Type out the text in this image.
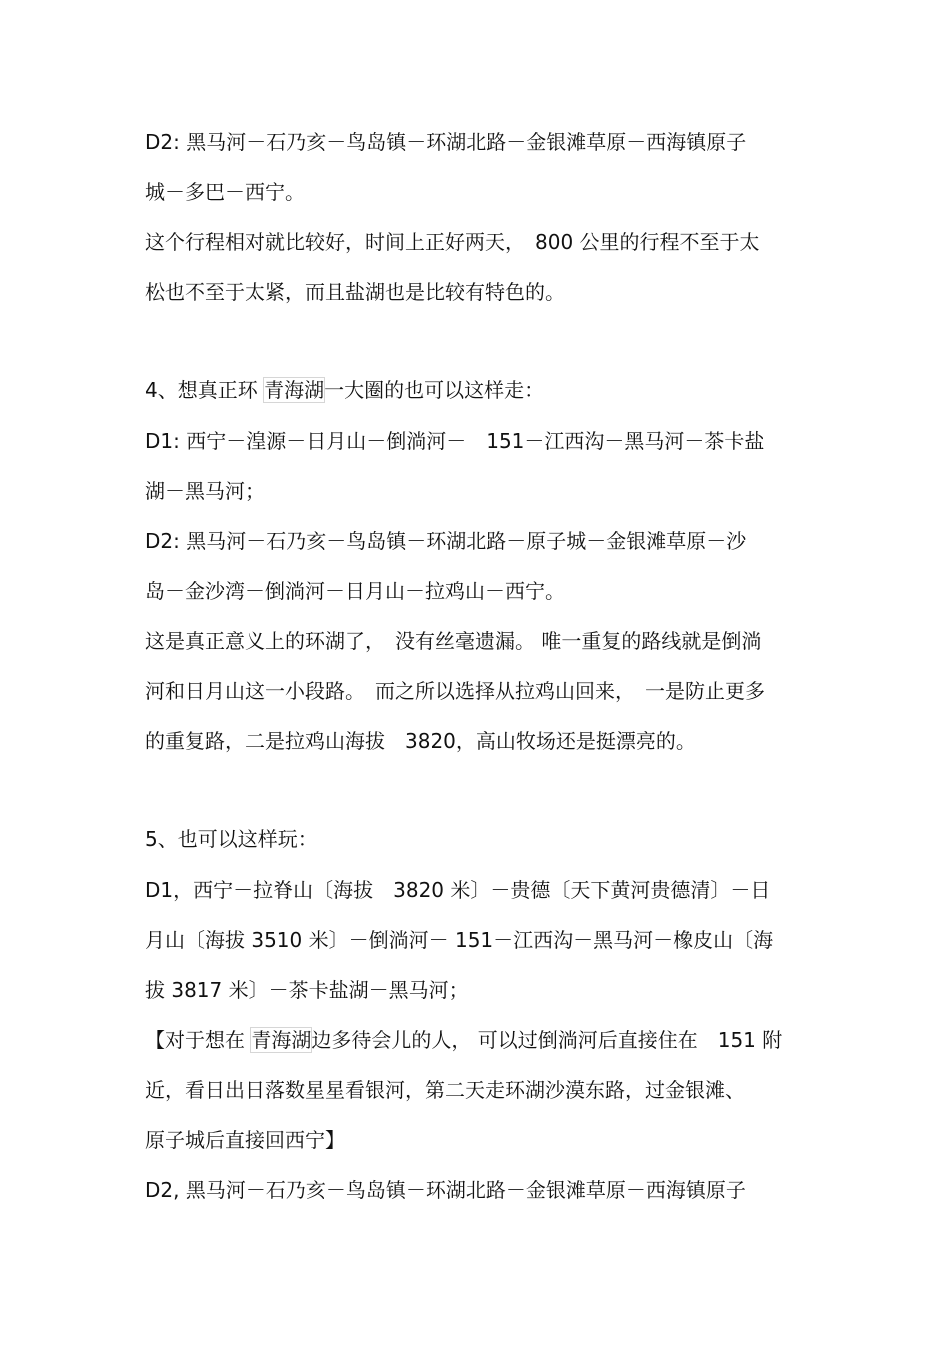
D2: 黑马河－石乃亥－鸟岛镇－环湖北路－金银滩草原－西海镇原子

城－多巴－西宁。

这个行程相对就比较好，时间上正好两天，　800 公里的行程不至于太

松也不至于太紧，而且盐湖也是比较有特色的。

4、想真正环 青海湖一大圈的也可以这样走：

D1: 西宁－湟源－日月山－倒淌河－　151－江西沟－黑马河－茶卡盐

湖－黑马河；

D2: 黑马河－石乃亥－鸟岛镇－环湖北路－原子城－金银滩草原－沙

岛－金沙湾－倒淌河－日月山－拉鸡山－西宁。

这是真正意义上的环湖了，　没有丝毫遗漏。 唯一重复的路线就是倒淌

河和日月山这一小段路。　而之所以选择从拉鸡山回来，　一是防止更多

的重复路，二是拉鸡山海拔　3820，高山牧场还是挺漂亮的。

5、也可以这样玩：

D1，西宁－拉脊山〔海拔　3820 米〕－贵德〔天下黄河贵德清〕－日

月山〔海拔 3510 米〕－倒淌河－ 151－江西沟－黑马河－橡皮山〔海

拔 3817 米〕－茶卡盐湖－黑马河；

【对于想在 青海湖边多待会儿的人， 可以过倒淌河后直接住在　151 附

近，看日出日落数星星看银河，第二天走环湖沙漠东路，过金银滩、

原子城后直接回西宁】

D2, 黑马河－石乃亥－鸟岛镇－环湖北路－金银滩草原－西海镇原子
